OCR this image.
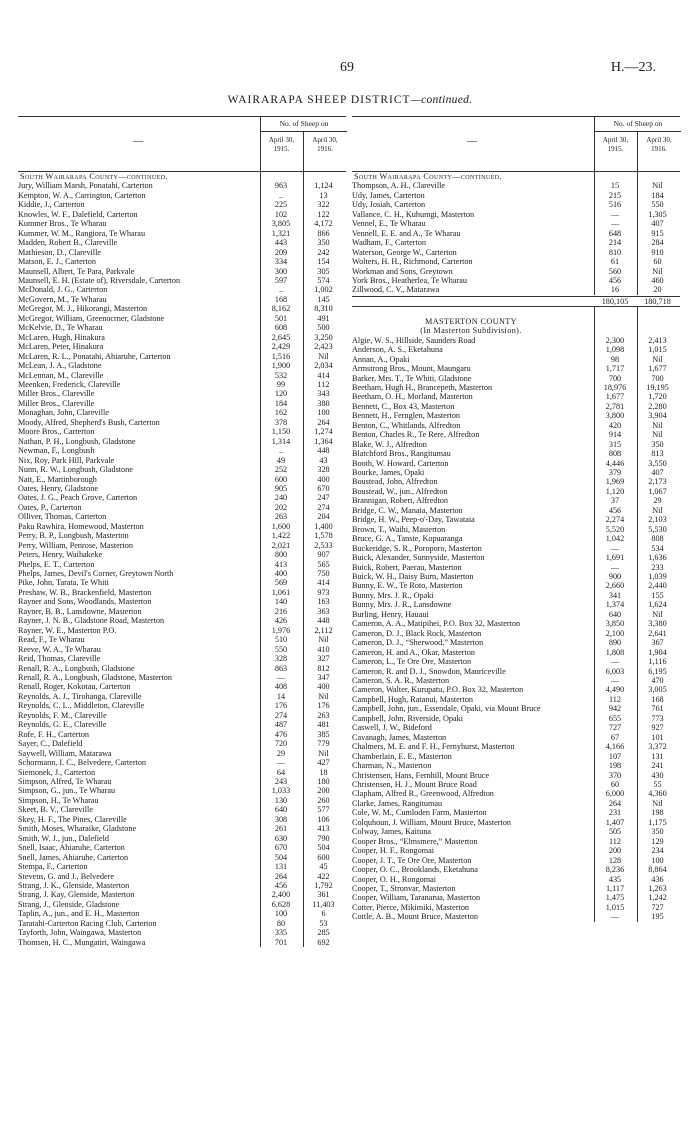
69	H.—23.
WAIRARAPA SHEEP DISTRICT—continued.
—
No. of Sheep on
April 30, 1915.
April 30, 1916.
South Wairarapa County—continued.
Jury, William Marsh, Ponatahi, Carterton	963	1,124
Kempton, W. A., Carrington, Carterton	..	13
Kiddie, J., Carterton	225	322
Knowles, W. F., Dalefield, Carterton	102	122
Kummer Bros., Te Wharau	3,805	4,172
Kummer, W. M., Rangiora, Te Wharau	1,321	866
Madden, Robert B., Clareville	443	350
Mathieson, D., Clareville	209	242
Matson, E. J., Carterton	334	154
Maunsell, Albert, Te Para, Parkvale	300	305
Maunsell, E. H. (Estate of), Riversdale, Carterton	597	574
McDonald, J. G., Carterton	..	1,002
McGovern, M., Te Wharau	168	145
McGregor, M. J., Hikorangi, Masterton	8,162	8,310
McGregor, William, Greenocrner, Gladstone	501	491
McKelvie, D., Te Wharau	608	500
McLaren, Hugh, Hinakura	2,645	3,250
McLaren, Peter, Hinakura	2,429	2,423
McLaren, R. L., Ponatahi, Ahiaruhe, Carterton	1,516	Nil
McLean, J. A., Gladstone	1,900	2,034
McLennan, M., Clareville	532	414
Meenken, Frederick, Clareville	99	112
Miller Bros., Clareville	120	343
Miller Bros., Clareville	184	380
Monaghan, John, Clareville	162	100
Moody, Alfred, Shepherd's Bush, Carterton	378	264
Moore Bros., Carterton	1,150	1,274
Nathan, P. H., Longbush, Gladstone	1,314	1,364
Newman, F., Longbush	..	448
Nix, Roy, Park Hill, Parkvale	49	43
Nunn, R. W., Longbush, Gladstone	252	328
Natt, E., Martinborough	600	400
Oates, Henry, Gladstone	905	670
Oates, J. G., Peach Grove, Carterton	240	247
Oates, P., Carterton	202	274
Olliver, Thomas, Carterton	263	204
Paku Rawhira, Homewood, Masterton	1,600	1,400
Perry, B. P., Longbush, Masterton	1,422	1,578
Perry, William, Penrose, Masterton	2,021	2,533
Peters, Henry, Waihakeke	800	907
Phelps, E. T., Carterton	413	565
Phelps, James, Devil's Corner, Greytown North	400	750
Pike, John, Tarata, Te Whiti	569	414
Preshaw, W. B., Brackenfield, Masterton	1,061	973
Rayner and Sons, Woodlands, Masterton	140	163
Rayner, B. B., Lansdowne, Masterton	216	363
Rayner, J. N. B., Gladstone Road, Masterton	426	448
Rayner, W. E., Masterton P.O.	1,976	2,112
Read, F., Te Wharau	510	Nil
Reeve, W. A., Te Wharau	550	410
Reid, Thomas, Clareville	328	327
Renall, R. A., Longbush, Gladstone	863	812
Renall, R. A., Longbush, Gladstone, Masterton	—	347
Renall, Roger, Kokotau, Carterton	408	400
Reynolds, A. J., Tirohanga, Clareville	14	Nil
Reynolds, C. L., Middleton, Clareville	176	176
Reynolds, F. M., Clareville	274	263
Reynolds, G. E., Clareville	487	481
Rofe, F. H., Carterton	476	385
Sayer, C., Dalefield	720	779
Saywell, William, Matarawa	29	Nil
Schormann, I. C., Belvedere, Carterton	—	427
Siemonek, J., Carterton	64	18
Simpson, Alfred, Te Wharau	243	180
Simpson, G., jun., Te Wharau	1,033	200
Simpson, H., Te Wharau	130	260
Skeet, B. V., Clareville	640	577
Skey, H. F., The Pines, Clareville	308	106
Smith, Moses, Wharaike, Gladstone	261	413
Smith, W. J., jun., Dalefield	630	790
Snell, Isaac, Ahiaruhe, Carterton	670	504
Snell, James, Ahiaruhe, Carterton	504	600
Stempa, F., Carterton	131	45
Stevens, G. and J., Belvedere	264	422
Strang, J. K., Glenside, Masterton	456	1,792
Strang, J. Kay, Glenside, Masterton	2,400	361
Strang, J., Glenside, Gladstone	6,628	11,403
Taplin, A., jun., and E. H., Masterton	100	6
Taratahi-Carterton Racing Club, Carterton	80	53
Tayforth, John, Waingawa, Masterton	335	285
Thomsen, H. C., Mungatiri, Waingawa	701	692
—
No. of Sheep on
April 30, 1915.
April 30, 1916.
South Wairarapa County—continued.
Thompson, A. H., Clareville	15	Nil
Udy, James, Carterton	215	184
Udy, Josiah, Carterton	516	550
Vallance, C. H., Kuhumgi, Masterton	—	1,305
Vennel, E., Te Wharau	—	407
Vennell, E. E. and A., Te Wharau	648	915
Wadham, F., Carterton	214	284
Waterson, George W., Carterton	810	910
Wolters, H. H., Richmond, Carterton	61	60
Workman and Sons, Greytown	560	Nil
York Bros., Heatherlea, Te Wharau	456	460
Zillwood, C. V., Matarawa	16	20
180,105	180,718
MASTERTON COUNTY
(In Masterton Subdivision).
Algie, W. S., Hillside, Saunders Road	2,300	2,413
Anderson, A. S., Eketahuna	1,098	1,015
Annan, A., Opaki	98	Nil
Armstrong Bros., Mount, Maungaru	1,717	1,677
Barker, Mrs. T., Te Whiti, Gladstone	700	700
Beetham, Hugh H., Brancepeth, Masterton	18,976	19,195
Beetham, O. H., Morland, Masterton	1,677	1,720
Bennett, C., Box 43, Masterton	2,781	2,280
Bennett, H., Fernglen, Masterton	3,800	3,904
Benton, C., Whitlands, Alfredton	420	Nil
Benton, Charles R., Te Rere, Alfredton	914	Nil
Blake, W. J., Alfredton	315	350
Blatchford Bros., Rangitumau	808	813
Booth, W. Howard, Carterton	4,446	3,550
Bourke, James, Opaki	379	407
Boustead, John, Alfredton	1,969	2,173
Boustead, W., jun., Alfredton	1,120	1,067
Brannigan, Robert, Alfredton	37	29
Bridge, C. W., Manaia, Masterton	456	Nil
Bridge, H. W., Peep-o'-Day, Tawataia	2,274	2,103
Brown, T., Waihi, Masterton	5,520	5,530
Bruce, G. A., Tanste, Kopuaranga	1,042	808
Buckeridge, S. R., Poroporo, Masterton	—	534
Buick, Alexander, Sunnyside, Masterton	1,691	1,636
Buick, Robert, Paerau, Masterton	—	233
Buick, W. H., Daisy Burn, Masterton	900	1,039
Bunny, E. W., Te Roto, Masterton	2,660	2,440
Bunny, Mrs. J. R., Opaki	341	155
Bunny, Mrs. J. R., Lansdowne	1,374	1,624
Burling, Henry, Hauaui	640	Nil
Cameron, A. A., Matipihei, P.O. Box 32, Masterton	3,850	3,380
Cameron, D. J., Black Rock, Masterton	2,100	2,641
Cameron, D. J., “Sherwood,” Masterton	890	367
Cameron, H. and A., Okar, Masterton	1,808	1,904
Cameron, L., Te Ore Ore, Masterton	—	1,116
Cameron, R. and D. J., Snowdon, Mauriceville	6,003	6,195
Cameron, S. A. R., Masterton	—	470
Cameron, Walter, Kurupatu, P.O. Box 32, Masterton	4,490	3,005
Campbell, Hugh, Ratanui, Masterton	112	168
Campbell, John, jun., Essendale, Opaki, via Mount Bruce	942	761
Campbell, John, Riverside, Opaki	655	773
Caswell, J. W., Bideford	727	927
Cavanagh, James, Masterton	67	101
Chalmers, M. E. and F. H., Fernyhurst, Masterton	4,166	3,372
Chamberlain, E. E., Masterton	107	131
Charman, N., Masterton	198	241
Christensen, Hans, Fernhill, Mount Bruce	370	430
Christensen, H. J., Mount Bruce Road	60	55
Clapham, Alfred R., Greenwood, Alfredton	6,000	4,360
Clarke, James, Rangitumau	264	Nil
Cole, W. M., Cumloden Farm, Masterton	231	198
Colquhoun, J. William, Mount Bruce, Masterton	1,407	1,175
Colway, James, Kaituna	505	350
Cooper Bros., “Elmsmere,” Masterton	112	129
Cooper, H. F., Rongomai	200	234
Cooper, J. T., Te Ore Ore, Masterton	128	100
Cooper, O. C., Brooklands, Eketahuna	8,236	8,864
Cooper, O. H., Rongomai	435	436
Cooper, T., Stronvar, Masterton	1,117	1,263
Cooper, William, Taranarua, Masterton	1,475	1,242
Cotter, Pierce, Mikimiki, Masterton	1,015	727
Cottle, A. B., Mount Bruce, Masterton	—	195
